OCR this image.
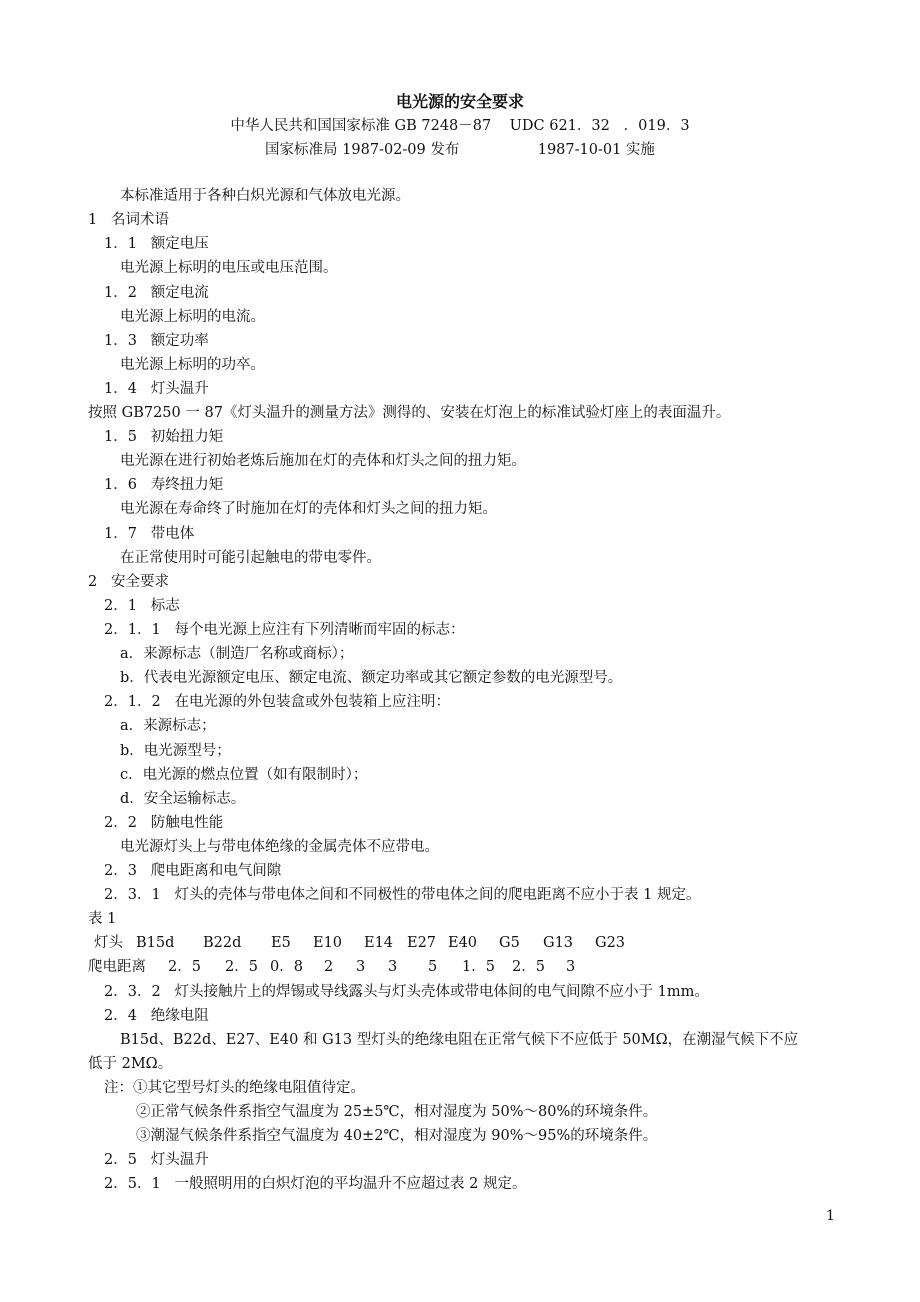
电光源的安全要求
中华人民共和国国家标准 GB 7248－87    UDC 621．32   ．019．3
国家标准局 1987-02-09 发布                 1987-10-01 实施
本标准适用于各种白炽光源和气体放电光源。
1   名词术语
1．1   额定电压
电光源上标明的电压或电压范围。
1．2   额定电流
电光源上标明的电流。
1．3   额定功率
电光源上标明的功卒。
1．4   灯头温升
按照 GB7250 一 87《灯头温升的测量方法》测得的、安装在灯泡上的标准试验灯座上的表面温升。
1．5   初始扭力矩
电光源在进行初始老炼后施加在灯的壳体和灯头之间的扭力矩。
1．6   寿终扭力矩
电光源在寿命终了时施加在灯的壳体和灯头之间的扭力矩。
1．7   带电体
在正常使用时可能引起触电的带电零件。
2   安全要求
2．1   标志
2．1．1   每个电光源上应注有下列清晰而牢固的标志：
a．来源标志（制造厂名称或商标）；
b．代表电光源额定电压、额定电流、额定功率或其它额定参数的电光源型号。
2．1．2   在电光源的外包装盒或外包装箱上应注明：
a．来源标志；
b．电光源型号；
c．电光源的燃点位置（如有限制时）；
d．安全运输标志。
2．2   防触电性能
电光源灯头上与带电体绝缘的金属壳体不应带电。
2．3   爬电距离和电气间隙
2．3．1   灯头的壳体与带电体之间和不同极性的带电体之间的爬电距离不应小于表 1 规定。
表 1
2．3．2   灯头接触片上的焊锡或导线露头与灯头壳体或带电体间的电气间隙不应小于 1mm。
2．4   绝缘电阻
B15d、B22d、E27、E40 和 G13 型灯头的绝缘电阻在正常气候下不应低于 50MΩ，在潮湿气候下不应
低于 2MΩ。
注：①其它型号灯头的绝缘电阻值待定。
②正常气候条件系指空气温度为 25±5℃，相对湿度为 50%～80%的环境条件。
③潮湿气候条件系指空气温度为 40±2℃，相对湿度为 90%～95%的环境条件。
2．5   灯头温升
2．5．1   一般照明用的白炽灯泡的平均温升不应超过表 2 规定。
灯头 B15d B22d E5 E10 E14 E27 E40 G5 G13 G23
爬电距离 2．5 2．5 0．8 2 3 3 5 1．5 2．5 3
1
